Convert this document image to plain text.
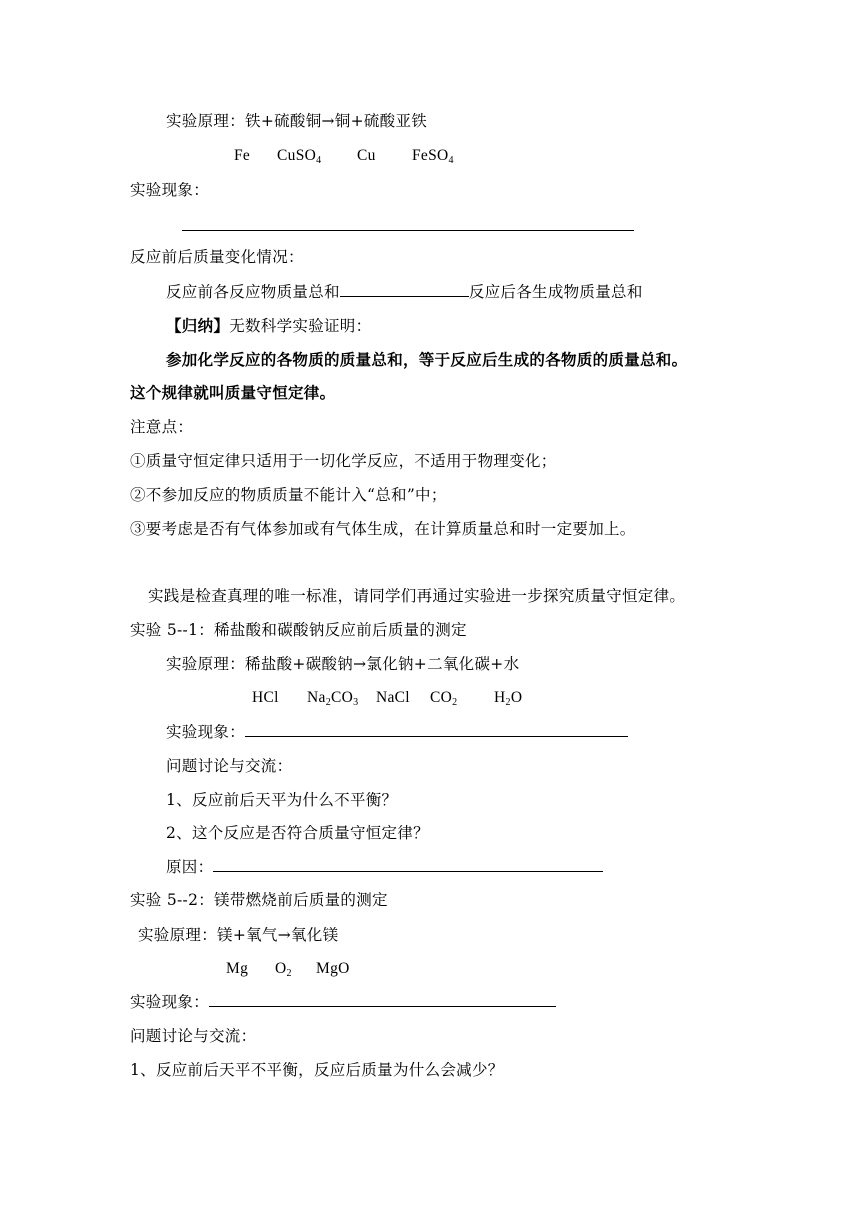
实验原理：铁+硫酸铜→铜+硫酸亚铁
Fe CuSO$_4$ Cu FeSO$_4$
实验现象：
反应前后质量变化情况：
反应前各反应物质量总和	反应后各生成物质量总和
【归纳】无数科学实验证明：
参加化学反应的各物质的质量总和，等于反应后生成的各物质的质量总和。
这个规律就叫质量守恒定律。
注意点：
①质量守恒定律只适用于一切化学反应，不适用于物理变化；
②不参加反应的物质质量不能计入“总和”中；
③要考虑是否有气体参加或有气体生成，在计算质量总和时一定要加上。
实践是检查真理的唯一标准，请同学们再通过实验进一步探究质量守恒定律。
实验 5--1：稀盐酸和碳酸钠反应前后质量的测定
实验原理：稀盐酸+碳酸钠→氯化钠+二氧化碳+水
HCl $Na_2CO_3$ NaCl $CO_2$ $H_2O$
实验现象：
问题讨论与交流：
1、反应前后天平为什么不平衡？
2、这个反应是否符合质量守恒定律？
原因：
实验 5--2：镁带燃烧前后质量的测定
实验原理：镁+氧气→氧化镁
Mg $O_2$ MgO
实验现象：
问题讨论与交流：
1、反应前后天平不平衡，反应后质量为什么会减少？
